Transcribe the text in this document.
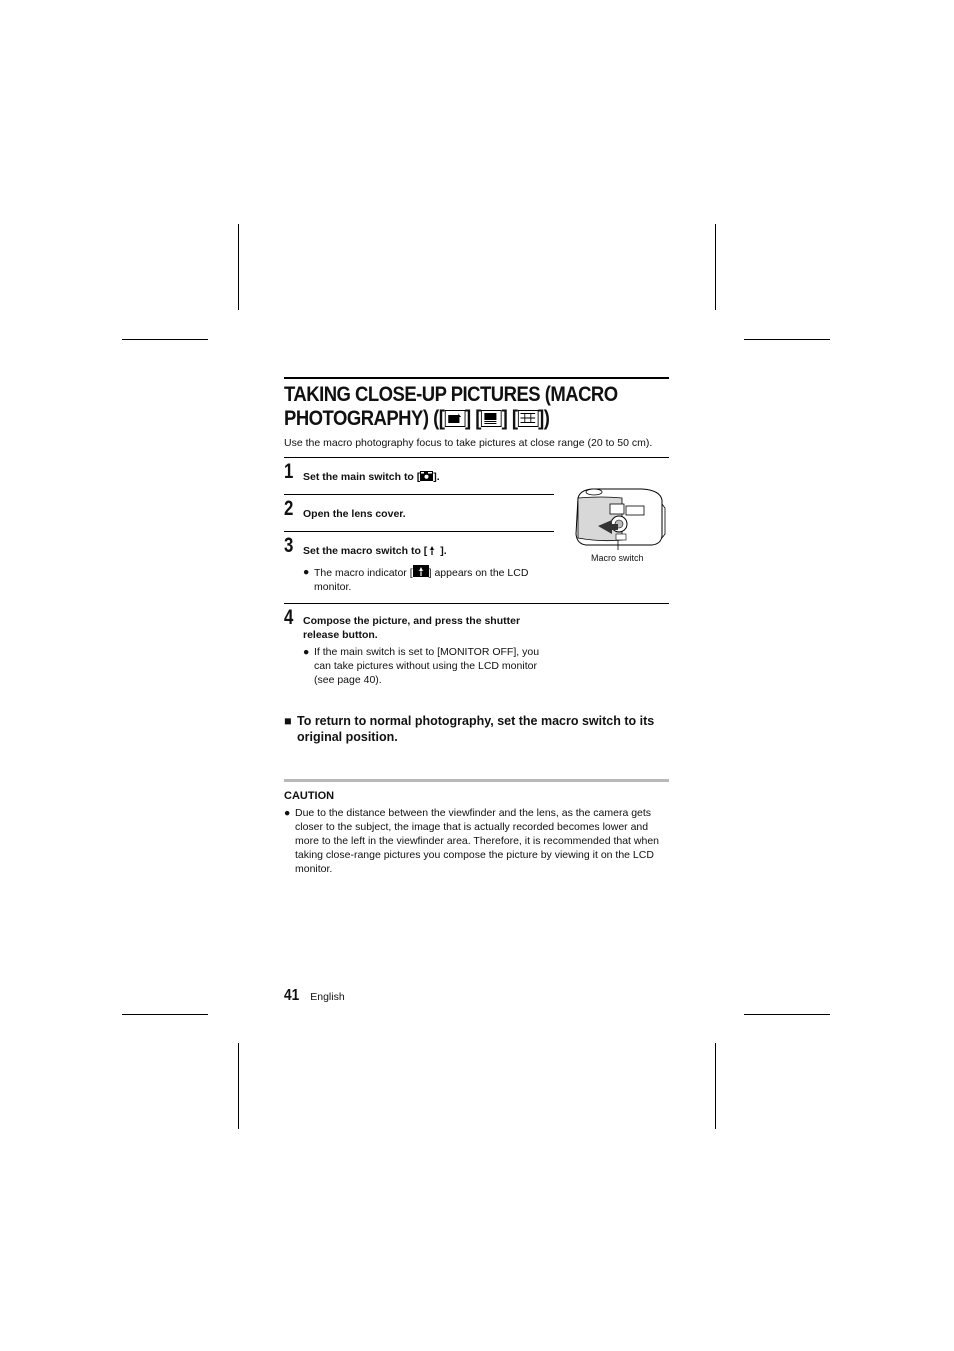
TAKING CLOSE-UP PICTURES (MACRO
PHOTOGRAPHY) ([ ] [ ] [ ])

Use the macro photography focus to take pictures at close range (20 to 50 cm).

1 Set the main switch to [ ].
2 Open the lens cover.
3 Set the macro switch to [ ].
● The macro indicator [ ] appears on the LCD monitor.
4 Compose the picture, and press the shutter release button.
● If the main switch is set to [MONITOR OFF], you can take pictures without using the LCD monitor (see page 40).
■ To return to normal photography, set the macro switch to its original position.
CAUTION
● Due to the distance between the viewfinder and the lens, as the camera gets closer to the subject, the image that is actually recorded becomes lower and more to the left in the viewfinder area. Therefore, it is recommended that when taking close-range pictures you compose the picture by viewing it on the LCD monitor.
Macro switch
41 English
